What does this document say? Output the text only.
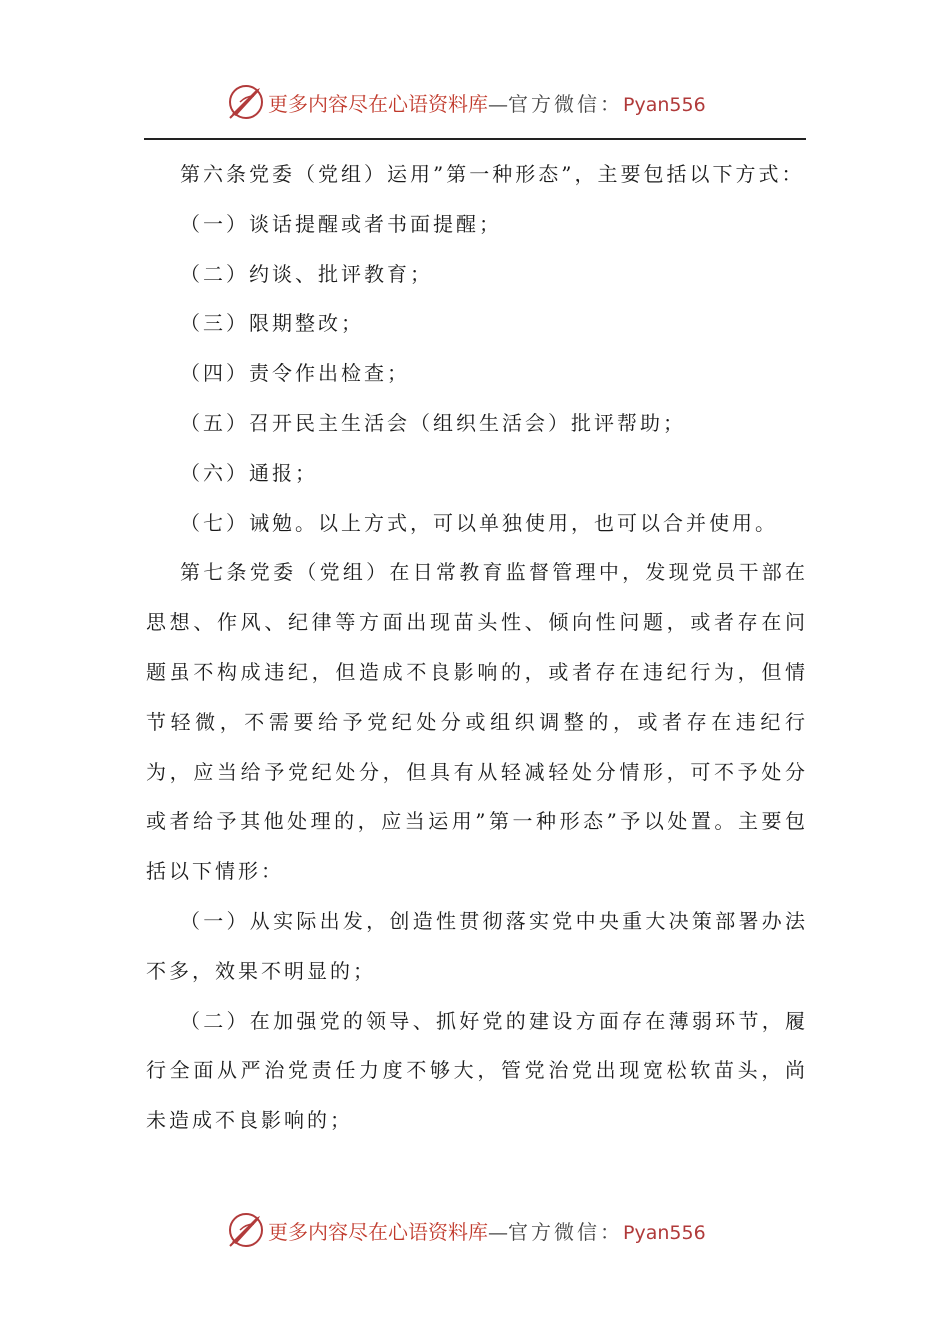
更多内容尽在心语资料库—官方微信：Pyan556

第六条党委（党组）运用”第一种形态”，主要包括以下方式：

（一）谈话提醒或者书面提醒；

（二）约谈、批评教育；

（三）限期整改；

（四）责令作出检查；

（五）召开民主生活会（组织生活会）批评帮助；

（六）通报；

（七）诫勉。以上方式，可以单独使用，也可以合并使用。

第七条党委（党组）在日常教育监督管理中，发现党员干部在思想、作风、纪律等方面出现苗头性、倾向性问题，或者存在问题虽不构成违纪，但造成不良影响的，或者存在违纪行为，但情节轻微，不需要给予党纪处分或组织调整的，或者存在违纪行为，应当给予党纪处分，但具有从轻减轻处分情形，可不予处分或者给予其他处理的，应当运用”第一种形态”予以处置。主要包括以下情形：

（一）从实际出发，创造性贯彻落实党中央重大决策部署办法不多，效果不明显的；

（二）在加强党的领导、抓好党的建设方面存在薄弱环节，履行全面从严治党责任力度不够大，管党治党出现宽松软苗头，尚未造成不良影响的；

更多内容尽在心语资料库—官方微信：Pyan556
